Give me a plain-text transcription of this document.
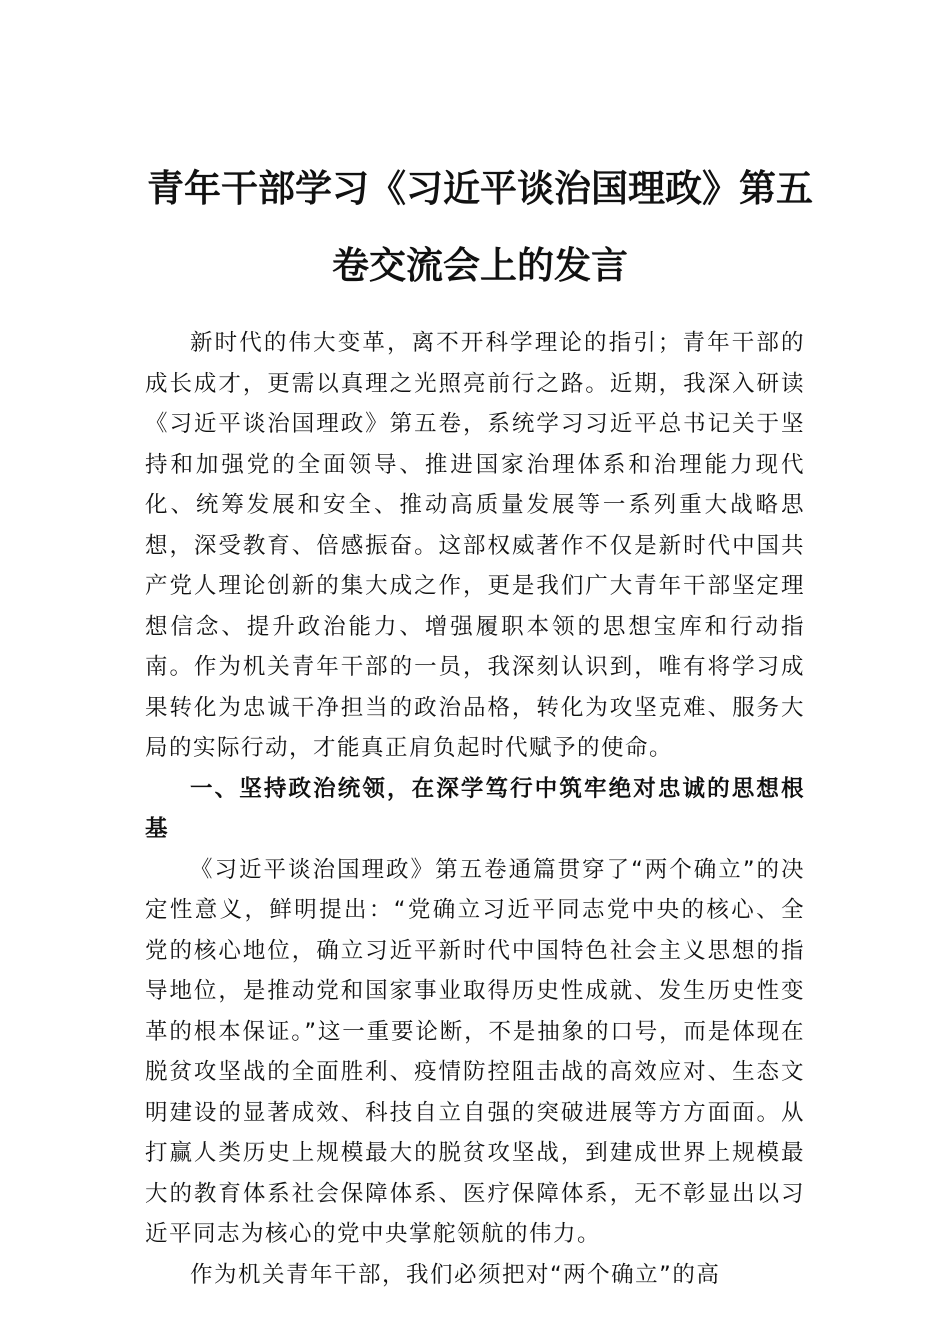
青年干部学习《习近平谈治国理政》第五卷交流会上的发言

新时代的伟大变革，离不开科学理论的指引；青年干部的成长成才，更需以真理之光照亮前行之路。近期，我深入研读《习近平谈治国理政》第五卷，系统学习习近平总书记关于坚持和加强党的全面领导、推进国家治理体系和治理能力现代化、统筹发展和安全、推动高质量发展等一系列重大战略思想，深受教育、倍感振奋。这部权威著作不仅是新时代中国共产党人理论创新的集大成之作，更是我们广大青年干部坚定理想信念、提升政治能力、增强履职本领的思想宝库和行动指南。作为机关青年干部的一员，我深刻认识到，唯有将学习成果转化为忠诚干净担当的政治品格，转化为攻坚克难、服务大局的实际行动，才能真正肩负起时代赋予的使命。

一、坚持政治统领，在深学笃行中筑牢绝对忠诚的思想根基

《习近平谈治国理政》第五卷通篇贯穿了“两个确立”的决定性意义，鲜明提出：“党确立习近平同志党中央的核心、全党的核心地位，确立习近平新时代中国特色社会主义思想的指导地位，是推动党和国家事业取得历史性成就、发生历史性变革的根本保证。”这一重要论断，不是抽象的口号，而是体现在脱贫攻坚战的全面胜利、疫情防控阻击战的高效应对、生态文明建设的显著成效、科技自立自强的突破进展等方方面面。从打赢人类历史上规模最大的脱贫攻坚战，到建成世界上规模最大的教育体系社会保障体系、医疗保障体系，无不彰显出以习近平同志为核心的党中央掌舵领航的伟力。

作为机关青年干部，我们必须把对“两个确立”的高
